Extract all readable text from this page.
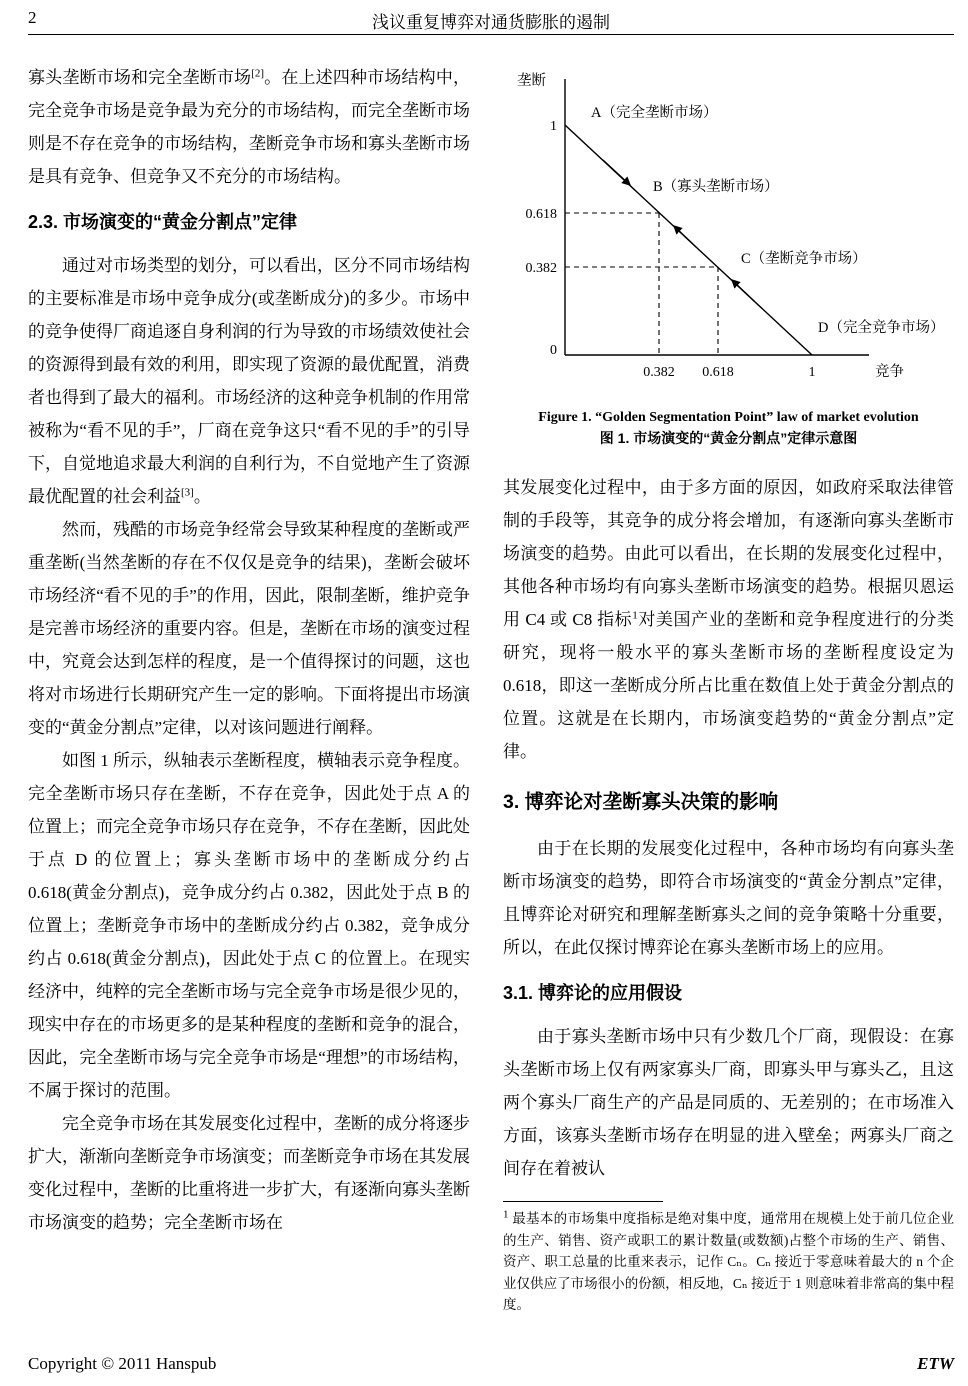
2	浅议重复博弈对通货膨胀的遏制

寡头垄断市场和完全垄断市场[2]。在上述四种市场结构中，完全竞争市场是竞争最为充分的市场结构，而完全垄断市场则是不存在竞争的市场结构，垄断竞争市场和寡头垄断市场是具有竞争、但竞争又不充分的市场结构。

2.3. 市场演变的“黄金分割点”定律

通过对市场类型的划分，可以看出，区分不同市场结构的主要标准是市场中竞争成分(或垄断成分)的多少。市场中的竞争使得厂商追逐自身利润的行为导致的市场绩效使社会的资源得到最有效的利用，即实现了资源的最优配置，消费者也得到了最大的福利。市场经济的这种竞争机制的作用常被称为“看不见的手”，厂商在竞争这只“看不见的手”的引导下，自觉地追求最大利润的自利行为，不自觉地产生了资源最优配置的社会利益[3]。

然而，残酷的市场竞争经常会导致某种程度的垄断或严重垄断(当然垄断的存在不仅仅是竞争的结果)，垄断会破坏市场经济“看不见的手”的作用，因此，限制垄断，维护竞争是完善市场经济的重要内容。但是，垄断在市场的演变过程中，究竟会达到怎样的程度，是一个值得探讨的问题，这也将对市场进行长期研究产生一定的影响。下面将提出市场演变的“黄金分割点”定律，以对该问题进行阐释。

如图 1 所示，纵轴表示垄断程度，横轴表示竞争程度。完全垄断市场只存在垄断，不存在竞争，因此处于点 A 的位置上；而完全竞争市场只存在竞争，不存在垄断，因此处于点 D 的位置上；寡头垄断市场中的垄断成分约占 0.618(黄金分割点)，竞争成分约占 0.382，因此处于点 B 的位置上；垄断竞争市场中的垄断成分约占 0.382，竞争成分约占 0.618(黄金分割点)，因此处于点 C 的位置上。在现实经济中，纯粹的完全垄断市场与完全竞争市场是很少见的，现实中存在的市场更多的是某种程度的垄断和竞争的混合，因此，完全垄断市场与完全竞争市场是“理想”的市场结构，不属于探讨的范围。

完全竞争市场在其发展变化过程中，垄断的成分将逐步扩大，渐渐向垄断竞争市场演变；而垄断竞争市场在其发展变化过程中，垄断的比重将进一步扩大，有逐渐向寡头垄断市场演变的趋势；完全垄断市场在

垄断
竞争
1
0.618
0.382
0
0.382 0.618	1
A（完全垄断市场）
B（寡头垄断市场）
C（垄断竞争市场）
D（完全竞争市场）
Figure 1. “Golden Segmentation Point” law of market evolution
图 1. 市场演变的“黄金分割点”定律示意图

其发展变化过程中，由于多方面的原因，如政府采取法律管制的手段等，其竞争的成分将会增加，有逐渐向寡头垄断市场演变的趋势。由此可以看出，在长期的发展变化过程中，其他各种市场均有向寡头垄断市场演变的趋势。根据贝恩运用 C4 或 C8 指标$^1$对美国产业的垄断和竞争程度进行的分类研究，现将一般水平的寡头垄断市场的垄断程度设定为 0.618，即这一垄断成分所占比重在数值上处于黄金分割点的位置。这就是在长期内，市场演变趋势的“黄金分割点”定律。

3. 博弈论对垄断寡头决策的影响

由于在长期的发展变化过程中，各种市场均有向寡头垄断市场演变的趋势，即符合市场演变的“黄金分割点”定律，且博弈论对研究和理解垄断寡头之间的竞争策略十分重要，所以，在此仅探讨博弈论在寡头垄断市场上的应用。

3.1. 博弈论的应用假设

由于寡头垄断市场中只有少数几个厂商，现假设：在寡头垄断市场上仅有两家寡头厂商，即寡头甲与寡头乙，且这两个寡头厂商生产的产品是同质的、无差别的；在市场准入方面，该寡头垄断市场存在明显的进入壁垒；两寡头厂商之间存在着被认

$^1$ 最基本的市场集中度指标是绝对集中度，通常用在规模上处于前几位企业的生产、销售、资产或职工的累计数量(或数额)占整个市场的生产、销售、资产、职工总量的比重来表示，记作 Cₙ。Cₙ 接近于零意味着最大的 n 个企业仅供应了市场很小的份额，相反地，Cₙ 接近于 1 则意味着非常高的集中程度。

Copyright © 2011 Hanspub	ETW
